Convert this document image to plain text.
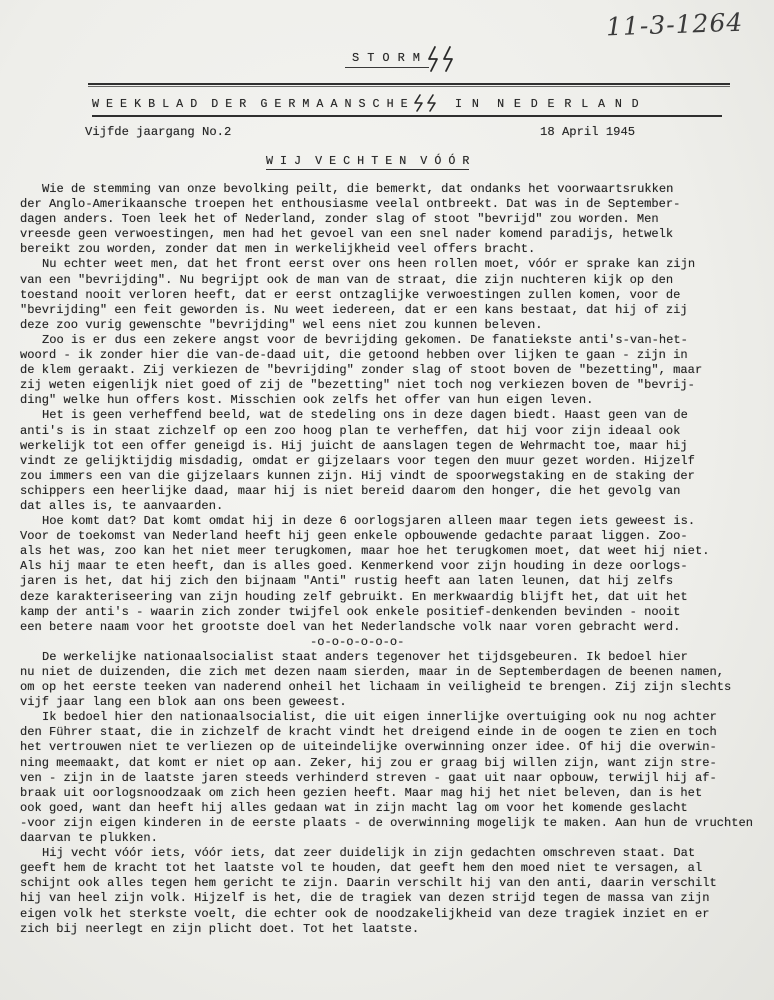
11-3-1264
S T O R M
W E E K B L A D  D E R  G E R M A A N S C H E	I N  N E D E R L A N D
Vijfde jaargang No.2	18 April 1945
W I J  V E C H T E N  V Ó Ó R
Wie de stemming van onze bevolking peilt, die bemerkt, dat ondanks het voorwaartsrukken
der Anglo-Amerikaansche troepen het enthousiasme veelal ontbreekt. Dat was in de September-
dagen anders. Toen leek het of Nederland, zonder slag of stoot "bevrijd" zou worden. Men
vreesde geen verwoestingen, men had het gevoel van een snel nader komend paradijs, hetwelk
bereikt zou worden, zonder dat men in werkelijkheid veel offers bracht.
Nu echter weet men, dat het front eerst over ons heen rollen moet, vóór er sprake kan zijn
van een "bevrijding". Nu begrijpt ook de man van de straat, die zijn nuchteren kijk op den
toestand nooit verloren heeft, dat er eerst ontzaglijke verwoestingen zullen komen, voor de
"bevrijding" een feit geworden is. Nu weet iedereen, dat er een kans bestaat, dat hij of zij
deze zoo vurig gewenschte "bevrijding" wel eens niet zou kunnen beleven.
Zoo is er dus een zekere angst voor de bevrijding gekomen. De fanatiekste anti's-van-het-
woord - ik zonder hier die van-de-daad uit, die getoond hebben over lijken te gaan - zijn in
de klem geraakt. Zij verkiezen de "bevrijding" zonder slag of stoot boven de "bezetting", maar
zij weten eigenlijk niet goed of zij de "bezetting" niet toch nog verkiezen boven de "bevrij-
ding" welke hun offers kost. Misschien ook zelfs het offer van hun eigen leven.
Het is geen verheffend beeld, wat de stedeling ons in deze dagen biedt. Haast geen van de
anti's is in staat zichzelf op een zoo hoog plan te verheffen, dat hij voor zijn ideaal ook
werkelijk tot een offer geneigd is. Hij juicht de aanslagen tegen de Wehrmacht toe, maar hij
vindt ze gelijktijdig misdadig, omdat er gijzelaars voor tegen den muur gezet worden. Hijzelf
zou immers een van die gijzelaars kunnen zijn. Hij vindt de spoorwegstaking en de staking der
schippers een heerlijke daad, maar hij is niet bereid daarom den honger, die het gevolg van
dat alles is, te aanvaarden.
Hoe komt dat? Dat komt omdat hij in deze 6 oorlogsjaren alleen maar tegen iets geweest is.
Voor de toekomst van Nederland heeft hij geen enkele opbouwende gedachte paraat liggen. Zoo-
als het was, zoo kan het niet meer terugkomen, maar hoe het terugkomen moet, dat weet hij niet.
Als hij maar te eten heeft, dan is alles goed. Kenmerkend voor zijn houding in deze oorlogs-
jaren is het, dat hij zich den bijnaam "Anti" rustig heeft aan laten leunen, dat hij zelfs
deze karakteriseering van zijn houding zelf gebruikt. En merkwaardig blijft het, dat uit het
kamp der anti's - waarin zich zonder twijfel ook enkele positief-denkenden bevinden - nooit
een betere naam voor het grootste doel van het Nederlandsche volk naar voren gebracht werd.
-o-o-o-o-o-o-
De werkelijke nationaalsocialist staat anders tegenover het tijdsgebeuren. Ik bedoel hier
nu niet de duizenden, die zich met dezen naam sierden, maar in de Septemberdagen de beenen namen,
om op het eerste teeken van naderend onheil het lichaam in veiligheid te brengen. Zij zijn slechts
vijf jaar lang een blok aan ons been geweest.
Ik bedoel hier den nationaalsocialist, die uit eigen innerlijke overtuiging ook nu nog achter
den Führer staat, die in zichzelf de kracht vindt het dreigend einde in de oogen te zien en toch
het vertrouwen niet te verliezen op de uiteindelijke overwinning onzer idee. Of hij die overwin-
ning meemaakt, dat komt er niet op aan. Zeker, hij zou er graag bij willen zijn, want zijn stre-
ven - zijn in de laatste jaren steeds verhinderd streven - gaat uit naar opbouw, terwijl hij af-
braak uit oorlogsnoodzaak om zich heen gezien heeft. Maar mag hij het niet beleven, dan is het
ook goed, want dan heeft hij alles gedaan wat in zijn macht lag om voor het komende geslacht
-voor zijn eigen kinderen in de eerste plaats - de overwinning mogelijk te maken. Aan hun de vruchten
daarvan te plukken.
Hij vecht vóór iets, vóór iets, dat zeer duidelijk in zijn gedachten omschreven staat. Dat
geeft hem de kracht tot het laatste vol te houden, dat geeft hem den moed niet te versagen, al
schijnt ook alles tegen hem gericht te zijn. Daarin verschilt hij van den anti, daarin verschilt
hij van heel zijn volk. Hijzelf is het, die de tragiek van dezen strijd tegen de massa van zijn
eigen volk het sterkste voelt, die echter ook de noodzakelijkheid van deze tragiek inziet en er
zich bij neerlegt en zijn plicht doet. Tot het laatste.
